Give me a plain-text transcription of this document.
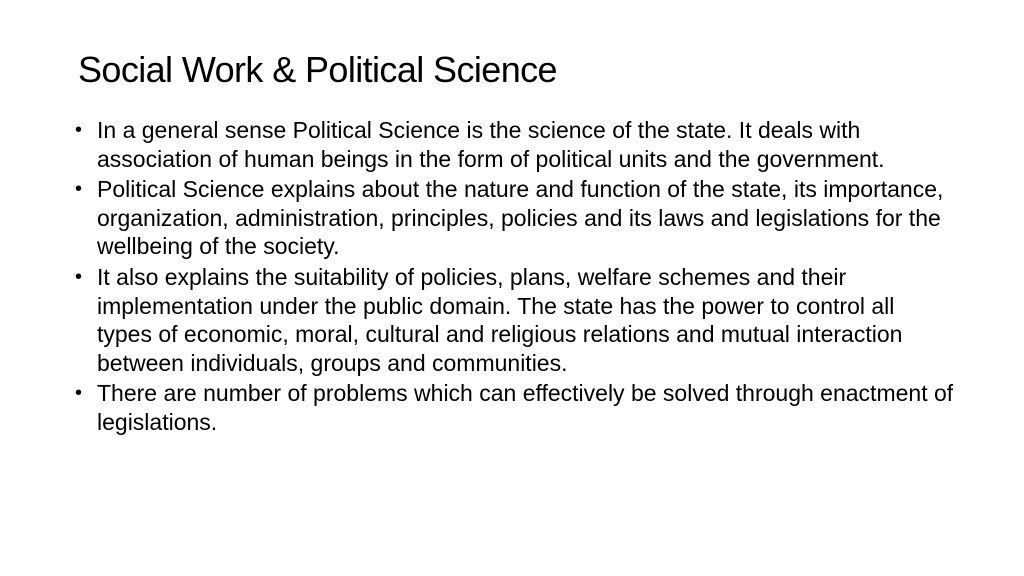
Social Work & Political Science
• In a general sense Political Science is the science of the state. It deals with association of human beings in the form of political units and the government.
• Political Science explains about the nature and function of the state, its importance, organization, administration, principles, policies and its laws and legislations for the wellbeing of the society.
• It also explains the suitability of policies, plans, welfare schemes and their implementation under the public domain. The state has the power to control all types of economic, moral, cultural and religious relations and mutual interaction between individuals, groups and communities.
• There are number of problems which can effectively be solved through enactment of legislations.
